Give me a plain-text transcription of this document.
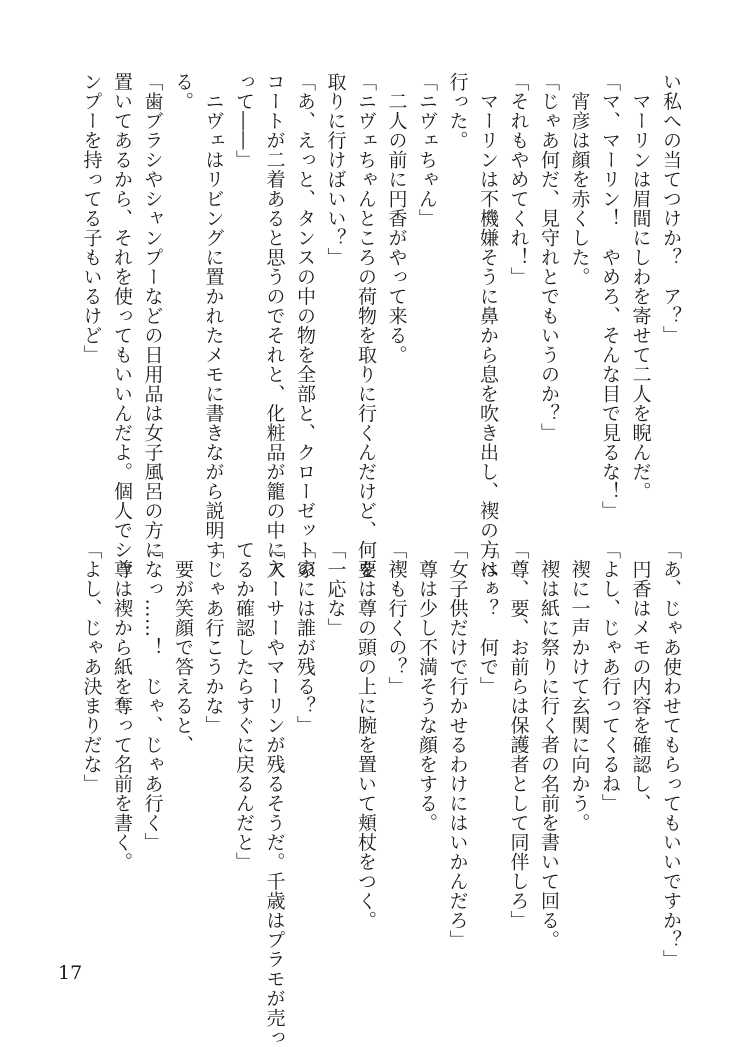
い私への当てつけか？　ア？」

　マーリンは眉間にしわを寄せて二人を睨んだ。

「マ、マーリン！　やめろ、そんな目で見るな！」

　宵彦は顔を赤くした。

「じゃあ何だ、見守れとでもいうのか？」

「それもやめてくれ！」

　マーリンは不機嫌そうに鼻から息を吹き出し、禊の方へ

行った。

「ニヴェちゃん」

　二人の前に円香がやって来る。

「ニヴェちゃんところの荷物を取りに行くんだけど、何を

取りに行けばいい？」

「あ、えっと、タンスの中の物を全部と、クローゼットの

コートが二着あると思うのでそれと、化粧品が籠の中に入

って――」

　ニヴェはリビングに置かれたメモに書きながら説明す

る。

「歯ブラシやシャンプーなどの日用品は女子風呂の方に

置いてあるから、それを使ってもいいんだよ。個人でシャ

ンプーを持ってる子もいるけど」

「あ、じゃあ使わせてもらってもいいですか？」

　円香はメモの内容を確認し、

「よし、じゃあ行ってくるね」

　禊に一声かけて玄関に向かう。

　禊は紙に祭りに行く者の名前を書いて回る。

「尊、要、お前らは保護者として同伴しろ」

「はぁ？　何で」

「女子供だけで行かせるわけにはいかんだろ」

　尊は少し不満そうな顔をする。

「禊も行くの？」

　要は尊の頭の上に腕を置いて頬杖をつく。

「一応な」

「家には誰が残る？」

「アーサーやマーリンが残るそうだ。千歳はプラモが売っ

てるか確認したらすぐに戻るんだと」

「じゃあ行こうかな」

　要が笑顔で答えると、

「なっ……！　じゃ、じゃあ行く」

　尊は禊から紙を奪って名前を書く。

「よし、じゃあ決まりだな」

17
